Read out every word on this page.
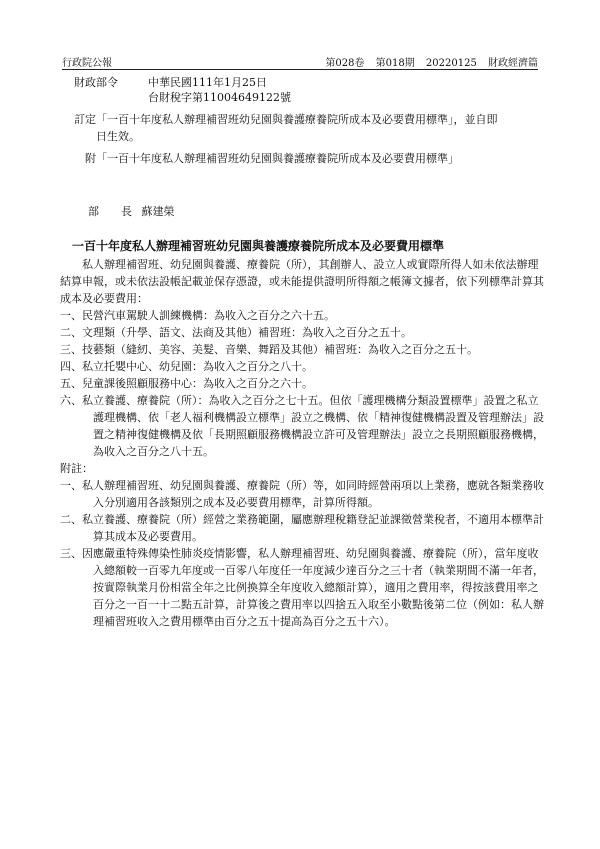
行政院公報	第028卷 第018期 20220125 財政經濟篇
財政部令	中華民國111年1月25日
台財稅字第11004649122號
訂定「一百十年度私人辦理補習班幼兒園與養護療養院所成本及必要費用標準」，並自即
日生效。
附「一百十年度私人辦理補習班幼兒園與養護療養院所成本及必要費用標準」
部　　長 蘇建榮
一百十年度私人辦理補習班幼兒園與養護療養院所成本及必要費用標準

私人辦理補習班、幼兒園與養護、療養院（所），其創辦人、設立人或實際所得人如未依法辦理結算申報，或未依法設帳記載並保存憑證，或未能提供證明所得額之帳簿文據者，依下列標準計算其成本及必要費用：

一、民營汽車駕駛人訓練機構：為收入之百分之六十五。

二、文理類（升學、語文、法商及其他）補習班：為收入之百分之五十。

三、技藝類（縫紉、美容、美髮、音樂、舞蹈及其他）補習班：為收入之百分之五十。

四、私立托嬰中心、幼兒園：為收入之百分之八十。

五、兒童課後照顧服務中心：為收入之百分之六十。

六、私立養護、療養院（所）：為收入之百分之七十五。但依「護理機構分類設置標準」設置之私立護理機構、依「老人福利機構設立標準」設立之機構、依「精神復健機構設置及管理辦法」設置之精神復健機構及依「長期照顧服務機構設立許可及管理辦法」設立之長期照顧服務機構，為收入之百分之八十五。

附註：

一、私人辦理補習班、幼兒園與養護、療養院（所）等，如同時經營兩項以上業務，應就各類業務收入分別適用各該類別之成本及必要費用標準，計算所得額。

二、私立養護、療養院（所）經營之業務範圍，屬應辦理稅籍登記並課徵營業稅者，不適用本標準計算其成本及必要費用。

三、因應嚴重特殊傳染性肺炎疫情影響，私人辦理補習班、幼兒園與養護、療養院（所），當年度收入總額較一百零九年度或一百零八年度任一年度減少達百分之三十者（執業期間不滿一年者，按實際執業月份相當全年之比例換算全年度收入總額計算），適用之費用率，得按該費用率之百分之一百一十二點五計算，計算後之費用率以四捨五入取至小數點後第二位（例如：私人辦理補習班收入之費用標準由百分之五十提高為百分之五十六）。
